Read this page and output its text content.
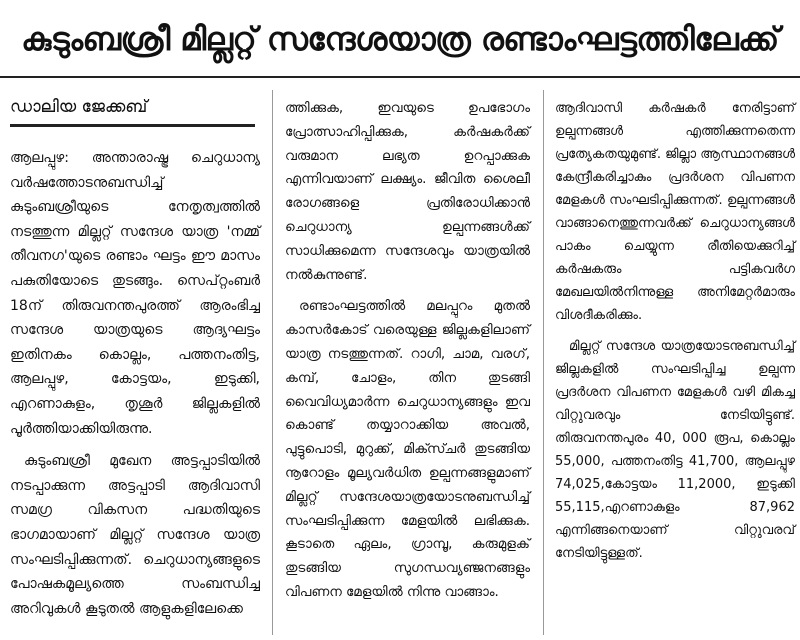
കുടുംബശ്രീ മില്ലറ്റ് സന്ദേശയാത്ര രണ്ടാംഘട്ടത്തിലേക്ക്
ഡാലിയ ജേക്കബ്

ആലപ്പുഴ: അന്താരാഷ്ട്ര ചെറുധാന്യ വർഷത്തോടനുബന്ധിച്ച് കുടുംബശ്രീയുടെ നേതൃത്വത്തിൽ നടത്തുന്ന മില്ലറ്റ് സന്ദേശ യാത്ര 'നമ്മ് തീവനഗ'യുടെ രണ്ടാം ഘട്ടം ഈ മാസം പകുതിയോടെ തുടങ്ങും. സെപ്റ്റംബർ 18ന് തിരുവനന്തപുരത്ത് ആരംഭിച്ച സന്ദേശ യാത്രയുടെ ആദ്യഘട്ടം ഇതിനകം കൊല്ലം, പത്തനംതിട്ട, ആലപ്പുഴ, കോട്ടയം, ഇടുക്കി, എറണാകുളം, തൃശൂർ ജില്ലകളിൽ പൂർത്തിയാക്കിയിരുന്നു.

കുടുംബശ്രീ മുഖേന അട്ടപ്പാടിയിൽ നടപ്പാക്കുന്ന അട്ടപ്പാടി ആദിവാസി സമഗ്ര വികസന പദ്ധതിയുടെ ഭാഗമായാണ് മില്ലറ്റ് സന്ദേശ യാത്ര സംഘടിപ്പിക്കുന്നത്. ചെറുധാന്യങ്ങളുടെ പോഷകമൂല്യത്തെ സംബന്ധിച്ച അറിവുകൾ കൂടുതൽ ആളുകളിലേക്കെ

ത്തിക്കുക, ഇവയുടെ ഉപഭോഗം പ്രോത്സാഹിപ്പിക്കുക, കർഷകർക്ക് വരുമാന ലഭ്യത ഉറപ്പാക്കുക എന്നിവയാണ് ലക്ഷ്യം. ജീവിത ശൈലീ രോഗങ്ങളെ പ്രതിരോധിക്കാൻ ചെറുധാന്യ ഉല്പന്നങ്ങൾക്ക് സാധിക്കുമെന്ന സന്ദേശവും യാത്രയിൽ നൽകുന്നുണ്ട്.

രണ്ടാംഘട്ടത്തിൽ മലപ്പുറം മുതൽ കാസർകോട് വരെയുള്ള ജില്ലകളിലാണ് യാത്ര നടത്തുന്നത്. റാഗി, ചാമ, വരഗ്, കമ്പ്, ചോളം, തിന തുടങ്ങി വൈവിധ്യമാർന്ന ചെറുധാന്യങ്ങളും ഇവ കൊണ്ട് തയ്യാറാക്കിയ അവൽ, പുട്ടുപൊടി, മുറുക്ക്, മിക്സ്ചർ തുടങ്ങിയ നൂറോളം മൂല്യവർധിത ഉല്പന്നങ്ങളുമാണ് മില്ലറ്റ് സന്ദേശയാത്രയോടനുബന്ധിച്ച് സംഘടിപ്പിക്കുന്ന മേളയിൽ ലഭിക്കുക. കൂടാതെ ഏലം, ഗ്രാമ്പൂ, കരുമുളക് തുടങ്ങിയ സുഗന്ധവ്യഞ്ജനങ്ങളും വിപണന മേളയിൽ നിന്നു വാങ്ങാം.

ആദിവാസി കർഷകർ നേരിട്ടാണ് ഉല്പന്നങ്ങൾ എത്തിക്കുന്നതെന്ന പ്രത്യേകതയുമുണ്ട്. ജില്ലാ ആസ്ഥാനങ്ങൾ കേന്ദ്രീകരിച്ചാകും പ്രദർശന വിപണന മേളകൾ സംഘടിപ്പിക്കുന്നത്. ഉല്പന്നങ്ങൾ വാങ്ങാനെത്തുന്നവർക്ക് ചെറുധാന്യങ്ങൾ പാകം ചെയ്യുന്ന രീതിയെക്കുറിച്ച് കർഷകരും പട്ടികവർഗ മേഖലയിൽനിന്നുള്ള അനിമേറ്റർമാരും വിശദീകരിക്കും.

മില്ലറ്റ് സന്ദേശ യാത്രയോടനുബന്ധിച്ച് ജില്ലകളിൽ സംഘടിപ്പിച്ച ഉല്പന്ന പ്രദർശന വിപണന മേളകൾ വഴി മികച്ച വിറ്റുവരവും നേടിയിട്ടുണ്ട്. തിരുവനന്തപുരം 40, 000 രൂപ, കൊല്ലം 55,000, പത്തനംതിട്ട 41,700, ആലപ്പുഴ 74,025,കോട്ടയം 11,2000, ഇടുക്കി 55,115,എറണാകുളം 87,962 എന്നിങ്ങനെയാണ് വിറ്റുവരവ് നേടിയിട്ടുള്ളത്.
